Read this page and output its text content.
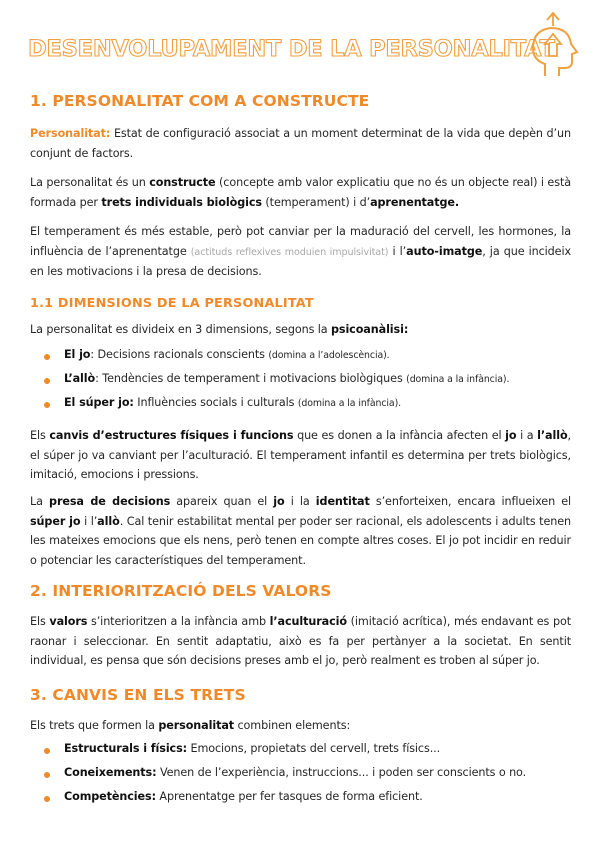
DESENVOLUPAMENT DE LA PERSONALITAT
1. PERSONALITAT COM A CONSTRUCTE

Personalitat: Estat de configuració associat a un moment determinat de la vida que depèn d’un conjunt de factors.

La personalitat és un constructe (concepte amb valor explicatiu que no és un objecte real) i està formada per trets individuals biològics (temperament) i d’aprenentatge.

El temperament és més estable, però pot canviar per la maduració del cervell, les hormones, la influència de l’aprenentatge (actituds reflexives moduien impulsivitat) i l’auto-imatge, ja que incideix en les motivacions i la presa de decisions.

1.1 DIMENSIONS DE LA PERSONALITAT

La personalitat es divideix en 3 dimensions, segons la psicoanàlisi:

El jo: Decisions racionals conscients (domina a l’adolescència).
L’allò: Tendències de temperament i motivacions biològiques (domina a la infància).
El súper jo: Influències socials i culturals (domina a la infància).

Els canvis d’estructures físiques i funcions que es donen a la infància afecten el jo i a l’allò, el súper jo va canviant per l’aculturació. El temperament infantil es determina per trets biològics, imitació, emocions i pressions.

La presa de decisions apareix quan el jo i la identitat s’enforteixen, encara influeixen el súper jo i l’allò. Cal tenir estabilitat mental per poder ser racional, els adolescents i adults tenen les mateixes emocions que els nens, però tenen en compte altres coses. El jo pot incidir en reduir o potenciar les característiques del temperament.

2. INTERIORITZACIÓ DELS VALORS

Els valors s’interioritzen a la infància amb l’aculturació (imitació acrítica), més endavant es pot raonar i seleccionar. En sentit adaptatiu, això es fa per pertànyer a la societat. En sentit individual, es pensa que són decisions preses amb el jo, però realment es troben al súper jo.

3. CANVIS EN ELS TRETS

Els trets que formen la personalitat combinen elements:

Estructurals i físics: Emocions, propietats del cervell, trets físics...
Coneixements: Venen de l’experiència, instruccions... i poden ser conscients o no.
Competències: Aprenentatge per fer tasques de forma eficient.
